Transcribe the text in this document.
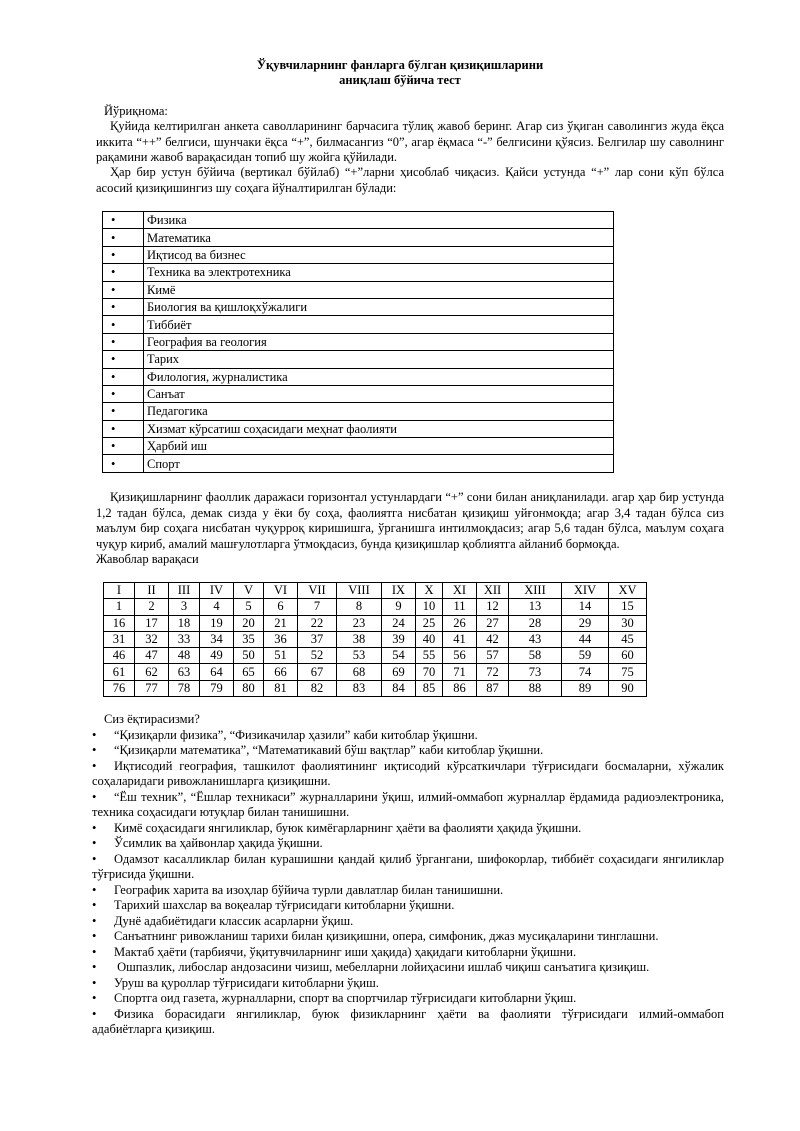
Ўқувчиларнинг фанларга бўлган қизиқишларини
аниқлаш бўйича тест
Йўриқнома:
Қуйида келтирилган анкета саволларининг барчасига тўлиқ жавоб беринг. Агар сиз ўқиган саволингиз жуда ёқса иккита “++” белгиси, шунчаки ёқса “+”, билмасангиз “0”, агар ёқмаса “-” белгисини қўясиз. Белгилар шу саволнинг рақамини жавоб варақасидан топиб шу жойга қўйилади.
Ҳар бир устун бўйича (вертикал бўйлаб) “+”ларни ҳисоблаб чиқасиз. Қайси устунда “+” лар сони кўп бўлса асосий қизиқишингиз шу соҳага йўналтирилган бўлади:
•	Физика
•	Математика
•	Иқтисод ва бизнес
•	Техника ва электротехника
•	Кимё
•	Биология ва қишлоқхўжалиги
•	Тиббиёт
•	География ва геология
•	Тарих
•	Филология, журналистика
•	Санъат
•	Педагогика
•	Хизмат кўрсатиш соҳасидаги меҳнат фаолияти
•	Ҳарбий иш
•	Спорт
Қизиқишларнинг фаоллик даражаси горизонтал устунлардаги “+” сони билан аниқланилади. агар ҳар бир устунда 1,2 тадан бўлса, демак сизда у ёки бу соҳа, фаолиятга нисбатан қизиқиш уйғонмоқда; агар 3,4 тадан бўлса сиз маълум бир соҳага нисбатан чуқурроқ киришишга, ўрганишга интилмоқдасиз; агар 5,6 тадан бўлса, маълум соҳага чуқур кириб, амалий машғулотларга ўтмоқдасиз, бунда қизиқишлар қоблиятга айланиб бормоқда.
Жавоблар варақаси
I	II	III	IV	V	VI	VII	VIII	IX	X	XI	XII	XIII	XIV	XV
1	2	3	4	5	6	7	8	9	10	11	12	13	14	15
16	17	18	19	20	21	22	23	24	25	26	27	28	29	30
31	32	33	34	35	36	37	38	39	40	41	42	43	44	45
46	47	48	49	50	51	52	53	54	55	56	57	58	59	60
61	62	63	64	65	66	67	68	69	70	71	72	73	74	75
76	77	78	79	80	81	82	83	84	85	86	87	88	89	90
Сиз ёқтирасизми?
• “Қизиқарли физика”, “Физикачилар ҳазили” каби китоблар ўқишни.
• “Қизиқарли математика”, “Математикавий бўш вақтлар” каби китоблар ўқишни.
• Иқтисодий география, ташкилот фаолиятининг иқтисодий кўрсаткичлари тўғрисидаги босмаларни, хўжалик соҳаларидаги ривожланишларга қизиқишни.
• “Ёш техник”, “Ёшлар техникаси” журналларини ўқиш, илмий-оммабоп журналлар ёрдамида радиоэлектроника, техника соҳасидаги ютуқлар билан танишишни.
• Кимё соҳасидаги янгиликлар, буюк кимёгарларнинг ҳаёти ва фаолияти ҳақида ўқишни.
• Ўсимлик ва ҳайвонлар ҳақида ўқишни.
• Одамзот касалликлар билан курашишни қандай қилиб ўргангани, шифокорлар, тиббиёт соҳасидаги янгиликлар тўғрисида ўқишни.
• Географик харита ва изоҳлар бўйича турли давлатлар билан танишишни.
• Тарихий шахслар ва воқеалар тўғрисидаги китобларни ўқишни.
• Дунё адабиётидаги классик асарларни ўқиш.
• Санъатнинг ривожланиш тарихи билан қизиқишни, опера, симфоник, джаз мусиқаларини тинглашни.
• Мактаб ҳаёти (тарбиячи, ўқитувчиларнинг иши ҳақида) ҳақидаги китобларни ўқишни.
• Ошпазлик, либослар андозасини чизиш, мебелларни лойиҳасини ишлаб чиқиш санъатига қизиқиш.
• Уруш ва қуроллар тўғрисидаги китобларни ўқиш.
• Спортга оид газета, журналларни, спорт ва спортчилар тўғрисидаги китобларни ўқиш.
• Физика борасидаги янгиликлар, буюк физикларнинг ҳаёти ва фаолияти тўғрисидаги илмий-оммабоп адабиётларга қизиқиш.
